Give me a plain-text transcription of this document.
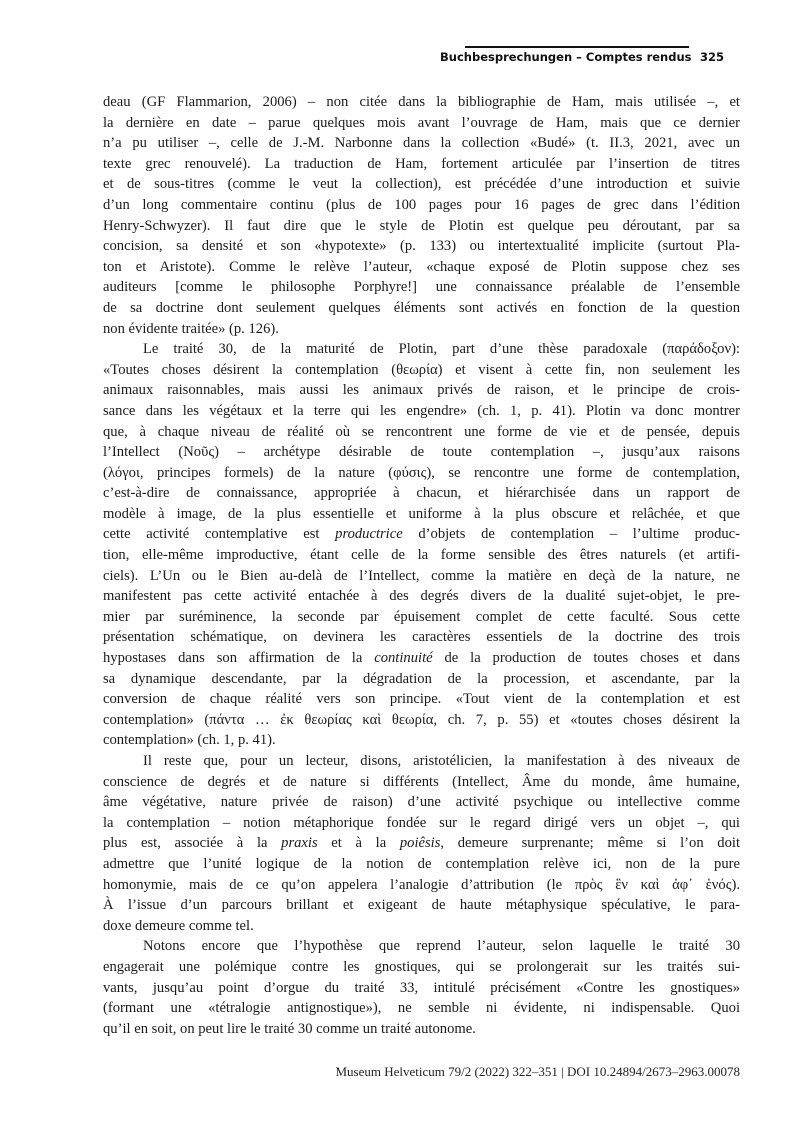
Buchbesprechungen – Comptes rendus 325
deau (GF Flammarion, 2006) – non citée dans la bibliographie de Ham, mais utilisée –, et
la dernière en date – parue quelques mois avant l’ouvrage de Ham, mais que ce dernier
n’a pu utiliser –, celle de J.-M. Narbonne dans la collection «Budé» (t. II.3, 2021, avec un
texte grec renouvelé). La traduction de Ham, fortement articulée par l’insertion de titres
et de sous-titres (comme le veut la collection), est précédée d’une introduction et suivie
d’un long commentaire continu (plus de 100 pages pour 16 pages de grec dans l’édition
Henry-Schwyzer). Il faut dire que le style de Plotin est quelque peu déroutant, par sa
concision, sa densité et son «hypotexte» (p. 133) ou intertextualité implicite (surtout Pla-
ton et Aristote). Comme le relève l’auteur, «chaque exposé de Plotin suppose chez ses
auditeurs [comme le philosophe Porphyre!] une connaissance préalable de l’ensemble
de sa doctrine dont seulement quelques éléments sont activés en fonction de la question
non évidente traitée» (p. 126).
Le traité 30, de la maturité de Plotin, part d’une thèse paradoxale (παράδοξον):
«Toutes choses désirent la contemplation (θεωρία) et visent à cette fin, non seulement les
animaux raisonnables, mais aussi les animaux privés de raison, et le principe de crois-
sance dans les végétaux et la terre qui les engendre» (ch. 1, p. 41). Plotin va donc montrer
que, à chaque niveau de réalité où se rencontrent une forme de vie et de pensée, depuis
l’Intellect (Νοῦς) – archétype désirable de toute contemplation –, jusqu’aux raisons
(λόγοι, principes formels) de la nature (φύσις), se rencontre une forme de contemplation,
c’est-à-dire de connaissance, appropriée à chacun, et hiérarchisée dans un rapport de
modèle à image, de la plus essentielle et uniforme à la plus obscure et relâchée, et que
cette activité contemplative est productrice d’objets de contemplation – l’ultime produc-
tion, elle-même improductive, étant celle de la forme sensible des êtres naturels (et artifi-
ciels). L’Un ou le Bien au-delà de l’Intellect, comme la matière en deçà de la nature, ne
manifestent pas cette activité entachée à des degrés divers de la dualité sujet-objet, le pre-
mier par suréminence, la seconde par épuisement complet de cette faculté. Sous cette
présentation schématique, on devinera les caractères essentiels de la doctrine des trois
hypostases dans son affirmation de la continuité de la production de toutes choses et dans
sa dynamique descendante, par la dégradation de la procession, et ascendante, par la
conversion de chaque réalité vers son principe. «Tout vient de la contemplation et est
contemplation» (πάντα … ἐκ θεωρίας καὶ θεωρία, ch. 7, p. 55) et «toutes choses désirent la
contemplation» (ch. 1, p. 41).
Il reste que, pour un lecteur, disons, aristotélicien, la manifestation à des niveaux de
conscience de degrés et de nature si différents (Intellect, Âme du monde, âme humaine,
âme végétative, nature privée de raison) d’une activité psychique ou intellective comme
la contemplation – notion métaphorique fondée sur le regard dirigé vers un objet –, qui
plus est, associée à la praxis et à la poiêsis, demeure surprenante; même si l’on doit
admettre que l’unité logique de la notion de contemplation relève ici, non de la pure
homonymie, mais de ce qu’on appelera l’analogie d’attribution (le πρὸς ἓν καὶ ἀφ᾽ ἑνός).
À l’issue d’un parcours brillant et exigeant de haute métaphysique spéculative, le para-
doxe demeure comme tel.
Notons encore que l’hypothèse que reprend l’auteur, selon laquelle le traité 30
engagerait une polémique contre les gnostiques, qui se prolongerait sur les traités sui-
vants, jusqu’au point d’orgue du traité 33, intitulé précisément «Contre les gnostiques»
(formant une «tétralogie antignostique»), ne semble ni évidente, ni indispensable. Quoi
qu’il en soit, on peut lire le traité 30 comme un traité autonome.
Museum Helveticum 79/2 (2022) 322–351 | DOI 10.24894/2673–2963.00078
